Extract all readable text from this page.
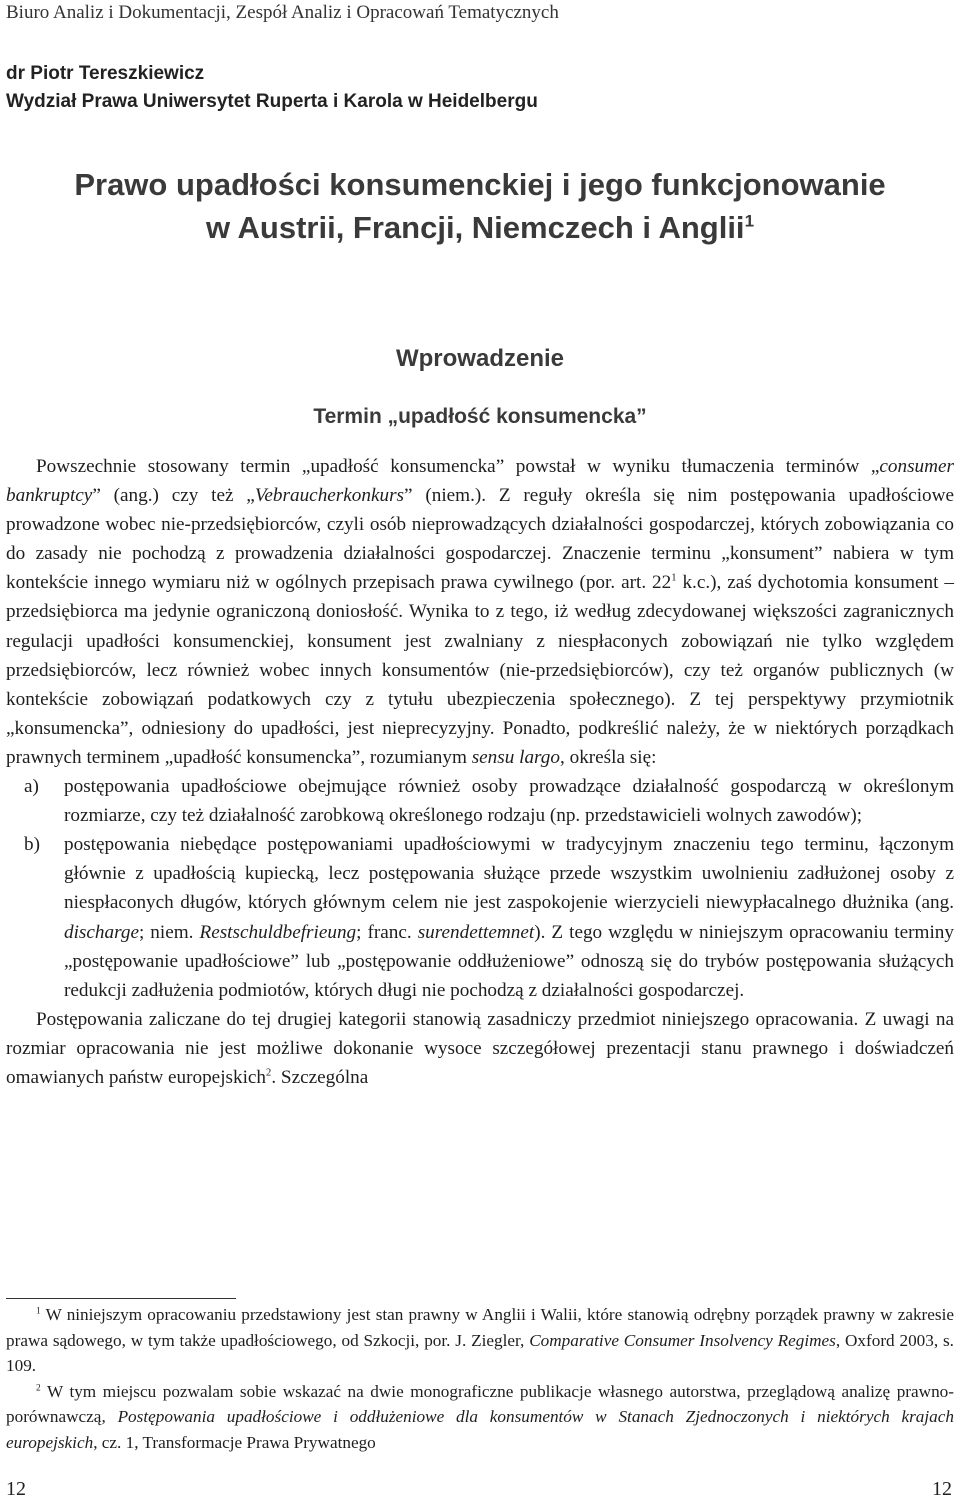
Biuro Analiz i Dokumentacji, Zespół Analiz i Opracowań Tematycznych
dr Piotr Tereszkiewicz
Wydział Prawa Uniwersytet Ruperta i Karola w Heidelbergu
Prawo upadłości konsumenckiej i jego funkcjonowanie
w Austrii, Francji, Niemczech i Anglii$^1$
Wprowadzenie
Termin „upadłość konsumencka”

Powszechnie stosowany termin „upadłość konsumencka” powstał w wyniku tłumaczenia terminów „consumer bankruptcy” (ang.) czy też „Vebraucherkonkurs” (niem.). Z reguły określa się nim postępowania upadłościowe prowadzone wobec nie-przedsiębiorców, czyli osób nieprowadzących działalności gospodarczej, których zobowiązania co do zasady nie pochodzą z prowadzenia działalności gospodarczej. Znaczenie terminu „konsument” nabiera w tym kontekście innego wymiaru niż w ogólnych przepisach prawa cywilnego (por. art. $22^1$ k.c.), zaś dychotomia konsument – przedsiębiorca ma jedynie ograniczoną doniosłość. Wynika to z tego, iż według zdecydowanej większości zagranicznych regulacji upadłości konsumenckiej, konsument jest zwalniany z niespłaconych zobowiązań nie tylko względem przedsiębiorców, lecz również wobec innych konsumentów (nie-przedsiębiorców), czy też organów publicznych (w kontekście zobowiązań podatkowych czy z tytułu ubezpieczenia społecznego). Z tej perspektywy przymiotnik „konsumencka”, odniesiony do upadłości, jest nieprecyzyjny. Ponadto, podkreślić należy, że w niektórych porządkach prawnych terminem „upadłość konsumencka”, rozumianym sensu largo, określa się:

a) postępowania upadłościowe obejmujące również osoby prowadzące działalność gospodarczą w określonym rozmiarze, czy też działalność zarobkową określonego rodzaju (np. przedstawicieli wolnych zawodów);
b) postępowania niebędące postępowaniami upadłościowymi w tradycyjnym znaczeniu tego terminu, łączonym głównie z upadłością kupiecką, lecz postępowania służące przede wszystkim uwolnieniu zadłużonej osoby z niespłaconych długów, których głównym celem nie jest zaspokojenie wierzycieli niewypłacalnego dłużnika (ang. discharge; niem. Restschuldbefrieung; franc. surendettemnet). Z tego względu w niniejszym opracowaniu terminy „postępowanie upadłościowe” lub „postępowanie oddłużeniowe” odnoszą się do trybów postępowania służących redukcji zadłużenia podmiotów, których długi nie pochodzą z działalności gospodarczej.

Postępowania zaliczane do tej drugiej kategorii stanowią zasadniczy przedmiot niniejszego opracowania. Z uwagi na rozmiar opracowania nie jest możliwe dokonanie wysoce szczegółowej prezentacji stanu prawnego i doświadczeń omawianych państw europejskich$^2$. Szczególna

$^1$ W niniejszym opracowaniu przedstawiony jest stan prawny w Anglii i Walii, które stanowią odrębny porządek prawny w zakresie prawa sądowego, w tym także upadłościowego, od Szkocji, por. J. Ziegler, Comparative Consumer Insolvency Regimes, Oxford 2003, s. 109.

$^2$ W tym miejscu pozwalam sobie wskazać na dwie monograficzne publikacje własnego autorstwa, przeglądową analizę prawno-porównawczą, Postępowania upadłościowe i oddłużeniowe dla konsumentów w Stanach Zjednoczonych i niektórych krajach europejskich, cz. 1, Transformacje Prawa Prywatnego

12	12
